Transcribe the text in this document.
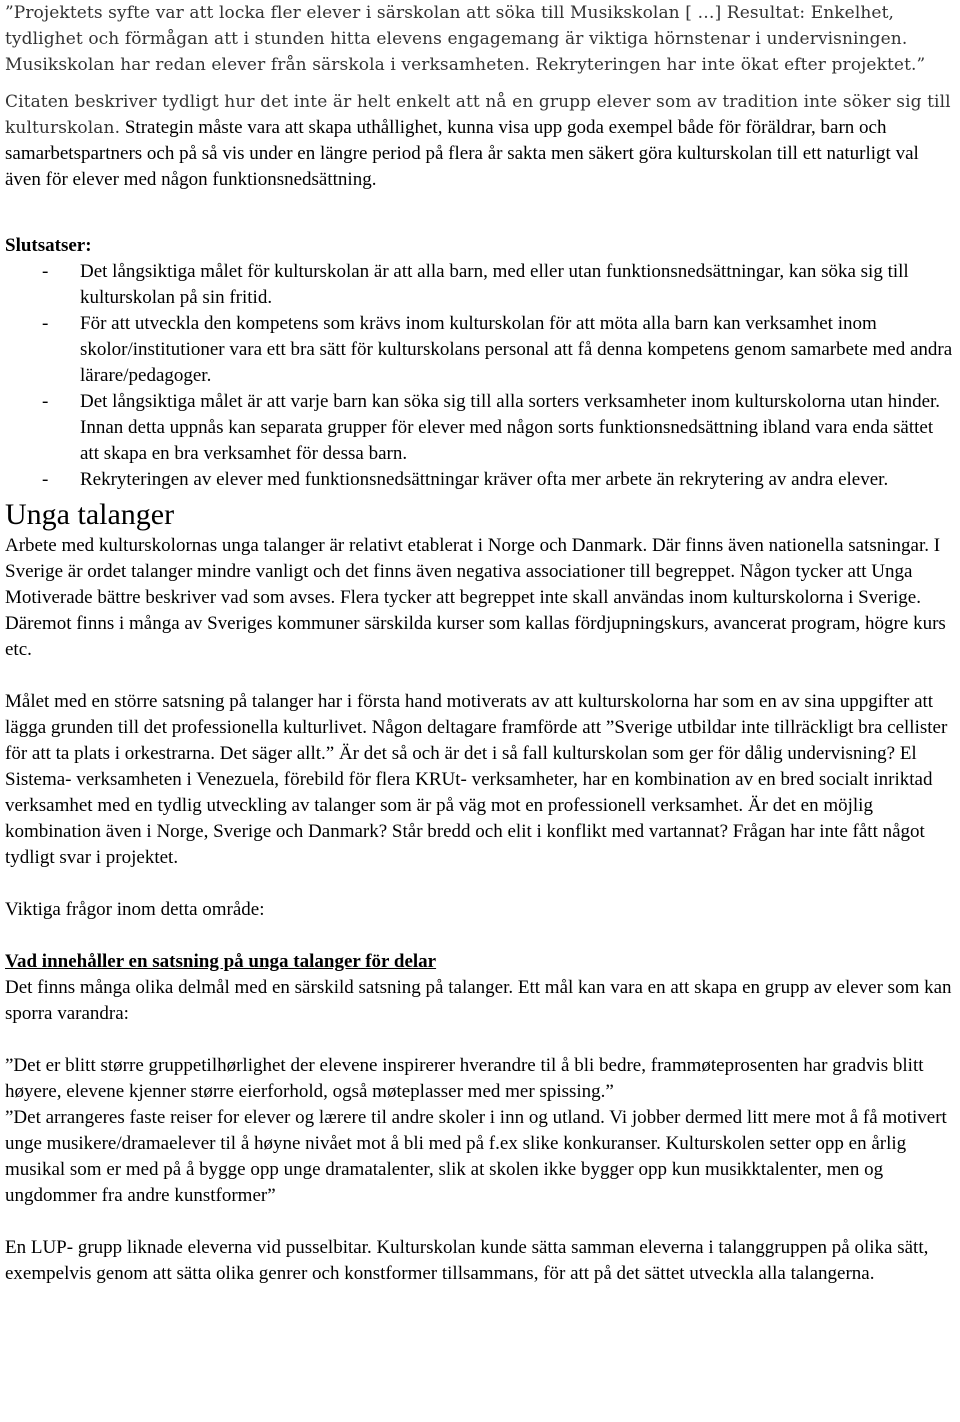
”Projektets syfte var att locka fler elever i särskolan att söka till Musikskolan [ …] Resultat: Enkelhet, tydlighet och förmågan att i stunden hitta elevens engagemang är viktiga hörnstenar i undervisningen. Musikskolan har redan elever från särskola i verksamheten. Rekryteringen har inte ökat efter projektet.”

Citaten beskriver tydligt hur det inte är helt enkelt att nå en grupp elever som av tradition inte söker sig till kulturskolan. Strategin måste vara att skapa uthållighet, kunna visa upp goda exempel både för föräldrar, barn och samarbetspartners och på så vis under en längre period på flera år sakta men säkert göra kulturskolan till ett naturligt val även för elever med någon funktionsnedsättning.

Slutsatser:
- Det långsiktiga målet för kulturskolan är att alla barn, med eller utan funktionsnedsättningar, kan söka sig till kulturskolan på sin fritid.
- För att utveckla den kompetens som krävs inom kulturskolan för att möta alla barn kan verksamhet inom skolor/institutioner vara ett bra sätt för kulturskolans personal att få denna kompetens genom samarbete med andra lärare/pedagoger.
- Det långsiktiga målet är att varje barn kan söka sig till alla sorters verksamheter inom kulturskolorna utan hinder. Innan detta uppnås kan separata grupper för elever med någon sorts funktionsnedsättning ibland vara enda sättet att skapa en bra verksamhet för dessa barn.
- Rekryteringen av elever med funktionsnedsättningar kräver ofta mer arbete än rekrytering av andra elever.
Unga talanger

Arbete med kulturskolornas unga talanger är relativt etablerat i Norge och Danmark. Där finns även nationella satsningar. I Sverige är ordet talanger mindre vanligt och det finns även negativa associationer till begreppet. Någon tycker att Unga Motiverade bättre beskriver vad som avses. Flera tycker att begreppet inte skall användas inom kulturskolorna i Sverige. Däremot finns i många av Sveriges kommuner särskilda kurser som kallas fördjupningskurs, avancerat program, högre kurs etc.

Målet med en större satsning på talanger har i första hand motiverats av att kulturskolorna har som en av sina uppgifter att lägga grunden till det professionella kulturlivet. Någon deltagare framförde att ”Sverige utbildar inte tillräckligt bra cellister för att ta plats i orkestrarna. Det säger allt.” Är det så och är det i så fall kulturskolan som ger för dålig undervisning? El Sistema- verksamheten i Venezuela, förebild för flera KRUt- verksamheter, har en kombination av en bred socialt inriktad verksamhet med en tydlig utveckling av talanger som är på väg mot en professionell verksamhet. Är det en möjlig kombination även i Norge, Sverige och Danmark? Står bredd och elit i konflikt med vartannat? Frågan har inte fått något tydligt svar i projektet.

Viktiga frågor inom detta område:

Vad innehåller en satsning på unga talanger för delar

Det finns många olika delmål med en särskild satsning på talanger. Ett mål kan vara en att skapa en grupp av elever som kan sporra varandra:

”Det er blitt større gruppetilhørlighet der elevene inspirerer hverandre til å bli bedre, frammøteprosenten har gradvis blitt høyere, elevene kjenner større eierforhold, også møteplasser med mer spissing.”

”Det arrangeres faste reiser for elever og lærere til andre skoler i inn og utland. Vi jobber dermed litt mere mot å få motivert unge musikere/dramaelever til å høyne nivået mot å bli med på f.ex slike konkuranser. Kulturskolen setter opp en årlig musikal som er med på å bygge opp unge dramatalenter, slik at skolen ikke bygger opp kun musikktalenter, men og ungdommer fra andre kunstformer”

En LUP- grupp liknade eleverna vid pusselbitar. Kulturskolan kunde sätta samman eleverna i talanggruppen på olika sätt, exempelvis genom att sätta olika genrer och konstformer tillsammans, för att på det sättet utveckla alla talangerna.
